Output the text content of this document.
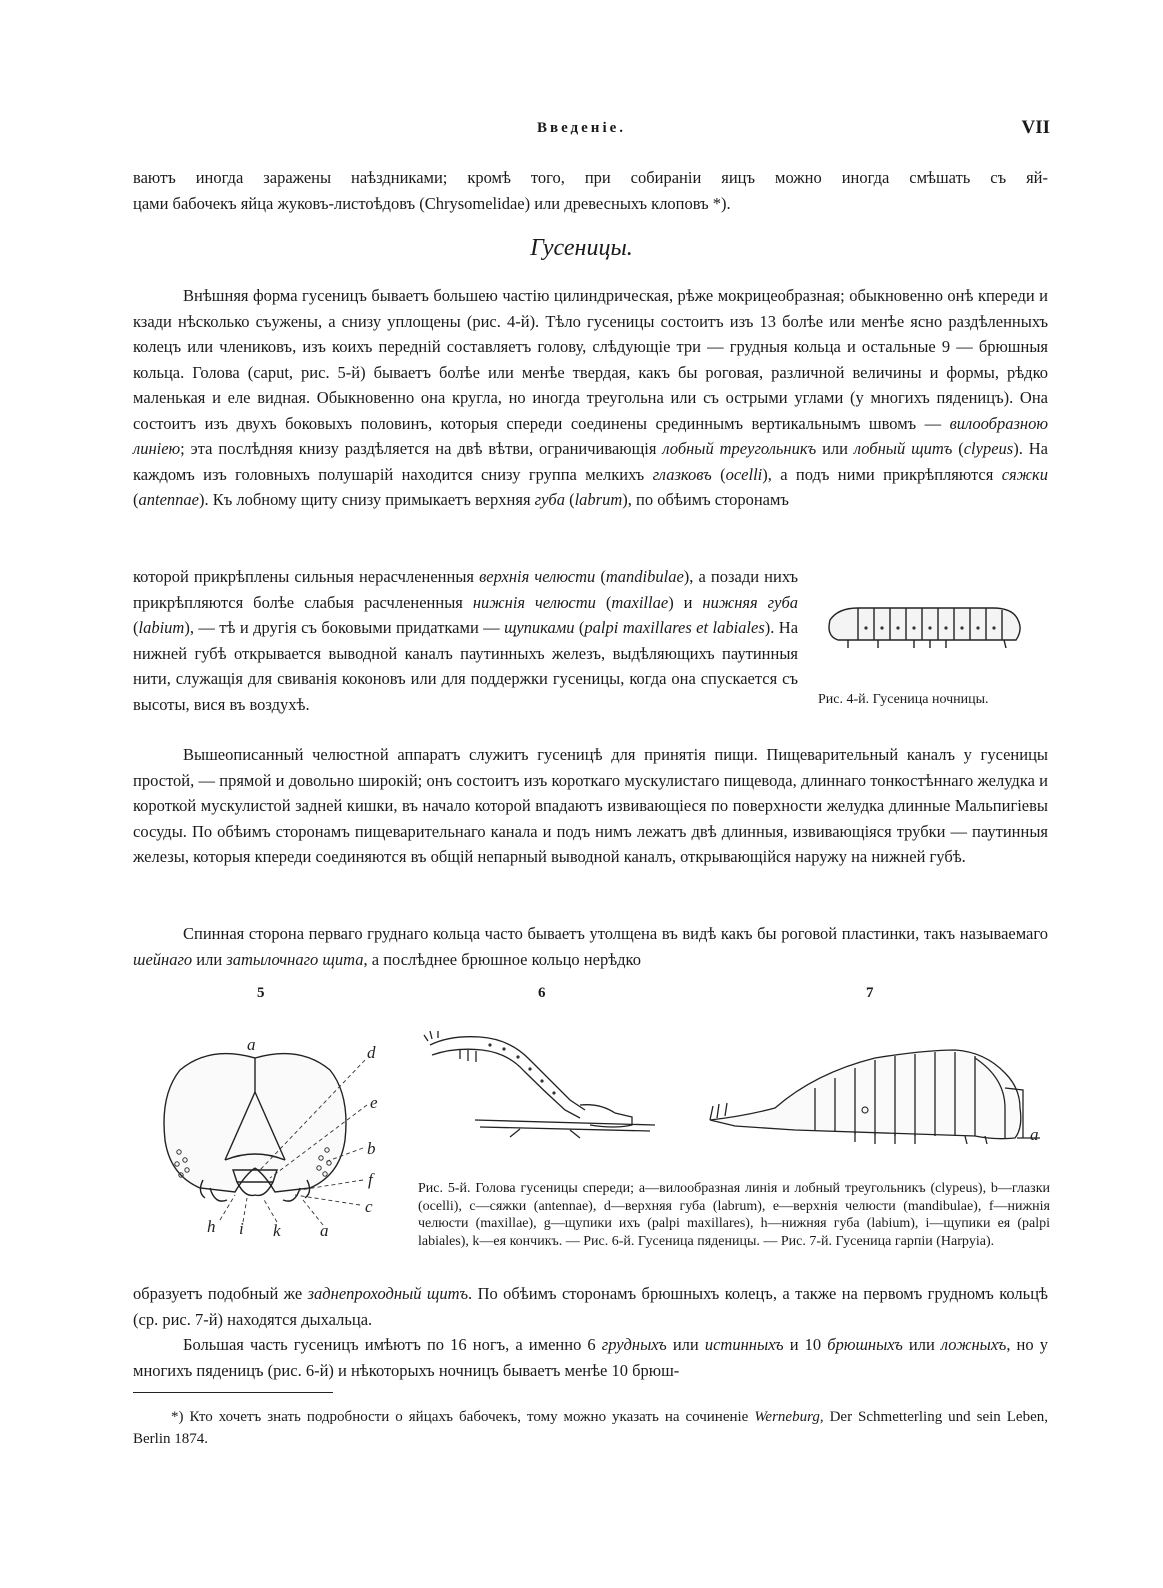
Введеніе.	VII
ваютъ иногда заражены наѣздниками; кромѣ того, при собираніи яицъ можно иногда смѣшать съ яй-
цами бабочекъ яйца жуковъ-листоѣдовъ (Chrysomelidae) или древесныхъ клоповъ *).
Гусеницы.

Внѣшняя форма гусеницъ бываетъ большею частію цилиндрическая, рѣже мокрицеобразная; обыкновенно онѣ кпереди и кзади нѣсколько съужены, а снизу уплощены (рис. 4-й). Тѣло гусеницы состоитъ изъ 13 болѣе или менѣе ясно раздѣленныхъ колецъ или члениковъ, изъ коихъ передній составляетъ голову, слѣдующіе три — грудныя кольца и остальные 9 — брюшныя кольца. Голова (caput, рис. 5-й) бываетъ болѣе или менѣе твердая, какъ бы роговая, различной величины и формы, рѣдко маленькая и еле видная. Обыкновенно она кругла, но иногда треугольна или съ острыми углами (у многихъ пяденицъ). Она состоитъ изъ двухъ боковыхъ половинъ, которыя спереди соединены срединнымъ вертикальнымъ швомъ — вилообразною линіею; эта послѣдняя книзу раздѣляется на двѣ вѣтви, ограничивающія лобный треугольникъ или лобный щитъ (clypeus). На каждомъ изъ головныхъ полушарій находится снизу группа мелкихъ глазковъ (ocelli), а подъ ними прикрѣпляются сяжки (antennae). Къ лобному щиту снизу примыкаетъ верхняя губа (labrum), по обѣимъ сторонамъ

которой прикрѣплены сильныя нерасчлененныя верхнія челюсти (mandibulae), а позади нихъ прикрѣпляются болѣе слабыя расчлененныя нижнія челюсти (maxillae) и нижняя губа (labium), — тѣ и другія съ боковыми придатками — щупиками (palpi maxillares et labiales). На нижней губѣ открывается выводной каналъ паутинныхъ железъ, выдѣляющихъ паутинныя нити, служащія для свиванія коконовъ или для поддержки гусеницы, когда она спускается съ высоты, вися въ воздухѣ.	Рис. 4-й. Гусеница ночницы.

Вышеописанный челюстной аппаратъ служитъ гусеницѣ для принятія пищи. Пищеварительный каналъ у гусеницы простой, — прямой и довольно широкій; онъ состоитъ изъ короткаго мускулистаго пищевода, длиннаго тонкостѣннаго желудка и короткой мускулистой задней кишки, въ начало которой впадаютъ извивающіеся по поверхности желудка длинные Мальпигіевы сосуды. По обѣимъ сторонамъ пищеварительнаго канала и подъ нимъ лежатъ двѣ длинныя, извивающіяся трубки — паутинныя железы, которыя кпереди соединяются въ общій непарный выводной каналъ, открывающійся наружу на нижней губѣ.

Спинная сторона перваго груднаго кольца часто бываетъ утолщена въ видѣ какъ бы роговой пластинки, такъ называемаго шейнаго или затылочнаго щита, а послѣднее брюшное кольцо нерѣдко

5	6	7
a	d
e
b
f
c
h i k a
a
Рис. 5-й. Голова гусеницы спереди; a—вилообразная линія и лобный треугольникъ (clypeus), b—глазки (ocelli), c—сяжки (antennae), d—верхняя губа (labrum), e—верхнія челюсти (mandibulae), f—нижнія челюсти (maxillae), g—щупики ихъ (palpi maxillares), h—нижняя губа (labium), i—щупики ея (palpi labiales), k—ея кончикъ. — Рис. 6-й. Гусеница пяденицы. — Рис. 7-й. Гусеница гарпіи (Harpyia).

образуетъ подобный же заднепроходный щитъ. По обѣимъ сторонамъ брюшныхъ колецъ, а также на первомъ грудномъ кольцѣ (ср. рис. 7-й) находятся дыхальца.

Большая часть гусеницъ имѣютъ по 16 ногъ, а именно 6 грудныхъ или истинныхъ и 10 брюшныхъ или ложныхъ, но у многихъ пяденицъ (рис. 6-й) и нѣкоторыхъ ночницъ бываетъ менѣе 10 брюш-

*) Кто хочетъ знать подробности о яйцахъ бабочекъ, тому можно указать на сочиненіе Werneburg, Der Schmetterling und sein Leben, Berlin 1874.
